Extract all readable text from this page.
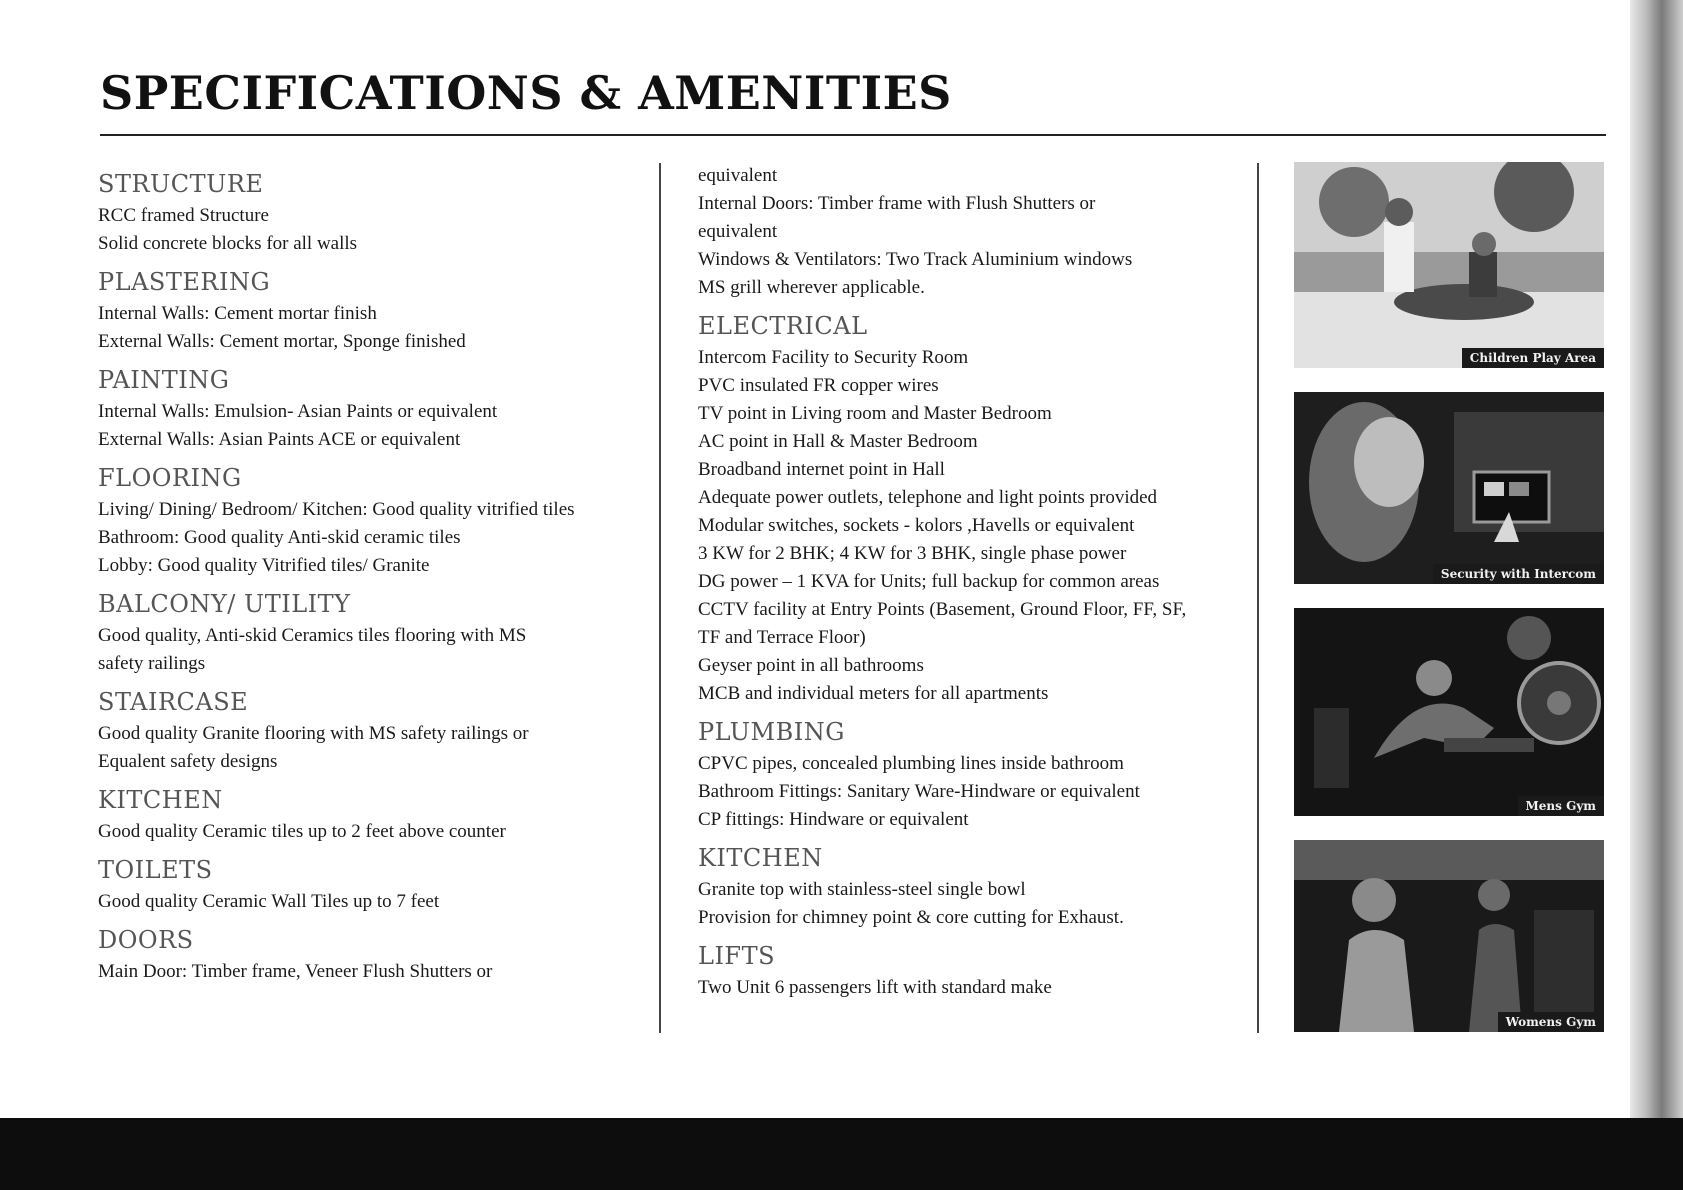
SPECIFICATIONS & AMENITIES
STRUCTURE
RCC framed Structure
Solid concrete blocks for all walls
PLASTERING
Internal Walls: Cement mortar finish
External Walls: Cement mortar, Sponge finished
PAINTING
Internal Walls: Emulsion- Asian Paints or equivalent
External Walls: Asian Paints ACE or equivalent
FLOORING
Living/ Dining/ Bedroom/ Kitchen: Good quality vitrified tiles
Bathroom: Good quality Anti-skid ceramic tiles
Lobby: Good quality Vitrified tiles/ Granite
BALCONY/ UTILITY
Good quality, Anti-skid Ceramics tiles flooring with MS
safety railings
STAIRCASE
Good quality Granite flooring with MS safety railings or
Equalent safety designs
KITCHEN
Good quality Ceramic tiles up to 2 feet above counter
TOILETS
Good quality Ceramic Wall Tiles up to 7 feet
DOORS
Main Door: Timber frame, Veneer Flush Shutters or
equivalent
Internal Doors: Timber frame with Flush Shutters or
equivalent
Windows & Ventilators: Two Track Aluminium windows
MS grill wherever applicable.
ELECTRICAL
Intercom Facility to Security Room
PVC insulated FR copper wires
TV point in Living room and Master Bedroom
AC point in Hall & Master Bedroom
Broadband internet point in Hall
Adequate power outlets, telephone and light points provided
Modular switches, sockets - kolors ,Havells or equivalent
3 KW for 2 BHK; 4 KW for 3 BHK, single phase power
DG power – 1 KVA for Units; full backup for common areas
CCTV facility at Entry Points (Basement, Ground Floor, FF, SF,
TF and Terrace Floor)
Geyser point in all bathrooms
MCB and individual meters for all apartments
PLUMBING
CPVC pipes, concealed plumbing lines inside bathroom
Bathroom Fittings: Sanitary Ware-Hindware or equivalent
CP fittings: Hindware or equivalent
KITCHEN
Granite top with stainless-steel single bowl
Provision for chimney point & core cutting for Exhaust.
LIFTS
Two Unit 6 passengers lift with standard make
Children Play Area
Security with Intercom
Mens Gym
Womens Gym
